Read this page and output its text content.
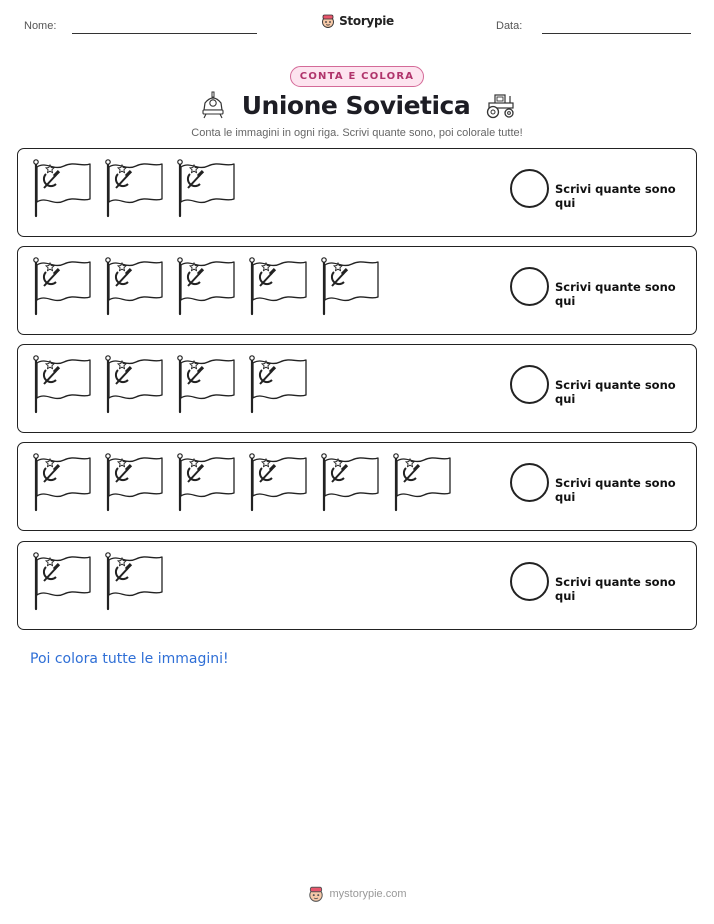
Nome:	Storypie	Data:
CONTA E COLORA
Unione Sovietica
Conta le immagini in ogni riga. Scrivi quante sono, poi colorale tutte!
Scrivi quante sono qui
Scrivi quante sono qui
Scrivi quante sono qui
Scrivi quante sono qui
Scrivi quante sono qui
Poi colora tutte le immagini!
mystorypie.com
